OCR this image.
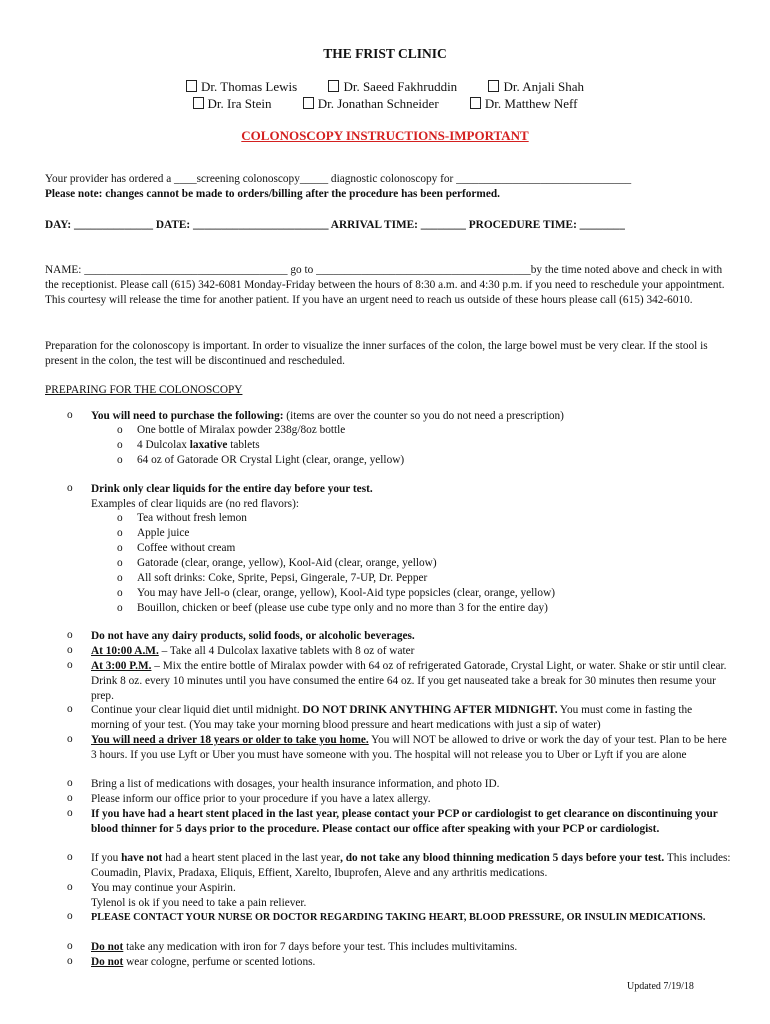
THE FRIST CLINIC
Dr. Thomas Lewis	Dr. Saeed Fakhruddin	Dr. Anjali Shah
Dr. Ira Stein	Dr. Jonathan Schneider	Dr. Matthew Neff
COLONOSCOPY INSTRUCTIONS-IMPORTANT
Your provider has ordered a ____screening colonoscopy_____ diagnostic colonoscopy for _______________________________
Please note: changes cannot be made to orders/billing after the procedure has been performed.
DAY: ______________ DATE: ________________________ ARRIVAL TIME: ________ PROCEDURE TIME: ________
NAME: ____________________________________ go to ______________________________________by the time noted above and check in with the receptionist. Please call (615) 342-6081 Monday-Friday between the hours of 8:30 a.m. and 4:30 p.m. if you need to reschedule your appointment. This courtesy will release the time for another patient. If you have an urgent need to reach us outside of these hours please call (615) 342-6010.
Preparation for the colonoscopy is important. In order to visualize the inner surfaces of the colon, the large bowel must be very clear. If the stool is present in the colon, the test will be discontinued and rescheduled.
PREPARING FOR THE COLONOSCOPY
o You will need to purchase the following: (items are over the counter so you do not need a prescription)
o One bottle of Miralax powder 238g/8oz bottle
o 4 Dulcolax laxative tablets
o 64 oz of Gatorade OR Crystal Light (clear, orange, yellow)
o Drink only clear liquids for the entire day before your test.
Examples of clear liquids are (no red flavors):
o Tea without fresh lemon
o Apple juice
o Coffee without cream
o Gatorade (clear, orange, yellow), Kool-Aid (clear, orange, yellow)
o All soft drinks: Coke, Sprite, Pepsi, Gingerale, 7-UP, Dr. Pepper
o You may have Jell-o (clear, orange, yellow), Kool-Aid type popsicles (clear, orange, yellow)
o Bouillon, chicken or beef (please use cube type only and no more than 3 for the entire day)
o Do not have any dairy products, solid foods, or alcoholic beverages.
o At 10:00 A.M. – Take all 4 Dulcolax laxative tablets with 8 oz of water
o At 3:00 P.M. – Mix the entire bottle of Miralax powder with 64 oz of refrigerated Gatorade, Crystal Light, or water. Shake or stir until clear. Drink 8 oz. every 10 minutes until you have consumed the entire 64 oz. If you get nauseated take a break for 30 minutes then resume your prep.
o Continue your clear liquid diet until midnight. DO NOT DRINK ANYTHING AFTER MIDNIGHT. You must come in fasting the morning of your test. (You may take your morning blood pressure and heart medications with just a sip of water)
o You will need a driver 18 years or older to take you home. You will NOT be allowed to drive or work the day of your test. Plan to be here 3 hours. If you use Lyft or Uber you must have someone with you. The hospital will not release you to Uber or Lyft if you are alone
o Bring a list of medications with dosages, your health insurance information, and photo ID.
o Please inform our office prior to your procedure if you have a latex allergy.
o If you have had a heart stent placed in the last year, please contact your PCP or cardiologist to get clearance on discontinuing your blood thinner for 5 days prior to the procedure. Please contact our office after speaking with your PCP or cardiologist.
o If you have not had a heart stent placed in the last year, do not take any blood thinning medication 5 days before your test. This includes: Coumadin, Plavix, Pradaxa, Eliquis, Effient, Xarelto, Ibuprofen, Aleve and any arthritis medications.
o You may continue your Aspirin.
Tylenol is ok if you need to take a pain reliever.
o PLEASE CONTACT YOUR NURSE OR DOCTOR REGARDING TAKING HEART, BLOOD PRESSURE, OR INSULIN MEDICATIONS.
o Do not take any medication with iron for 7 days before your test. This includes multivitamins.
o Do not wear cologne, perfume or scented lotions.
Updated 7/19/18
